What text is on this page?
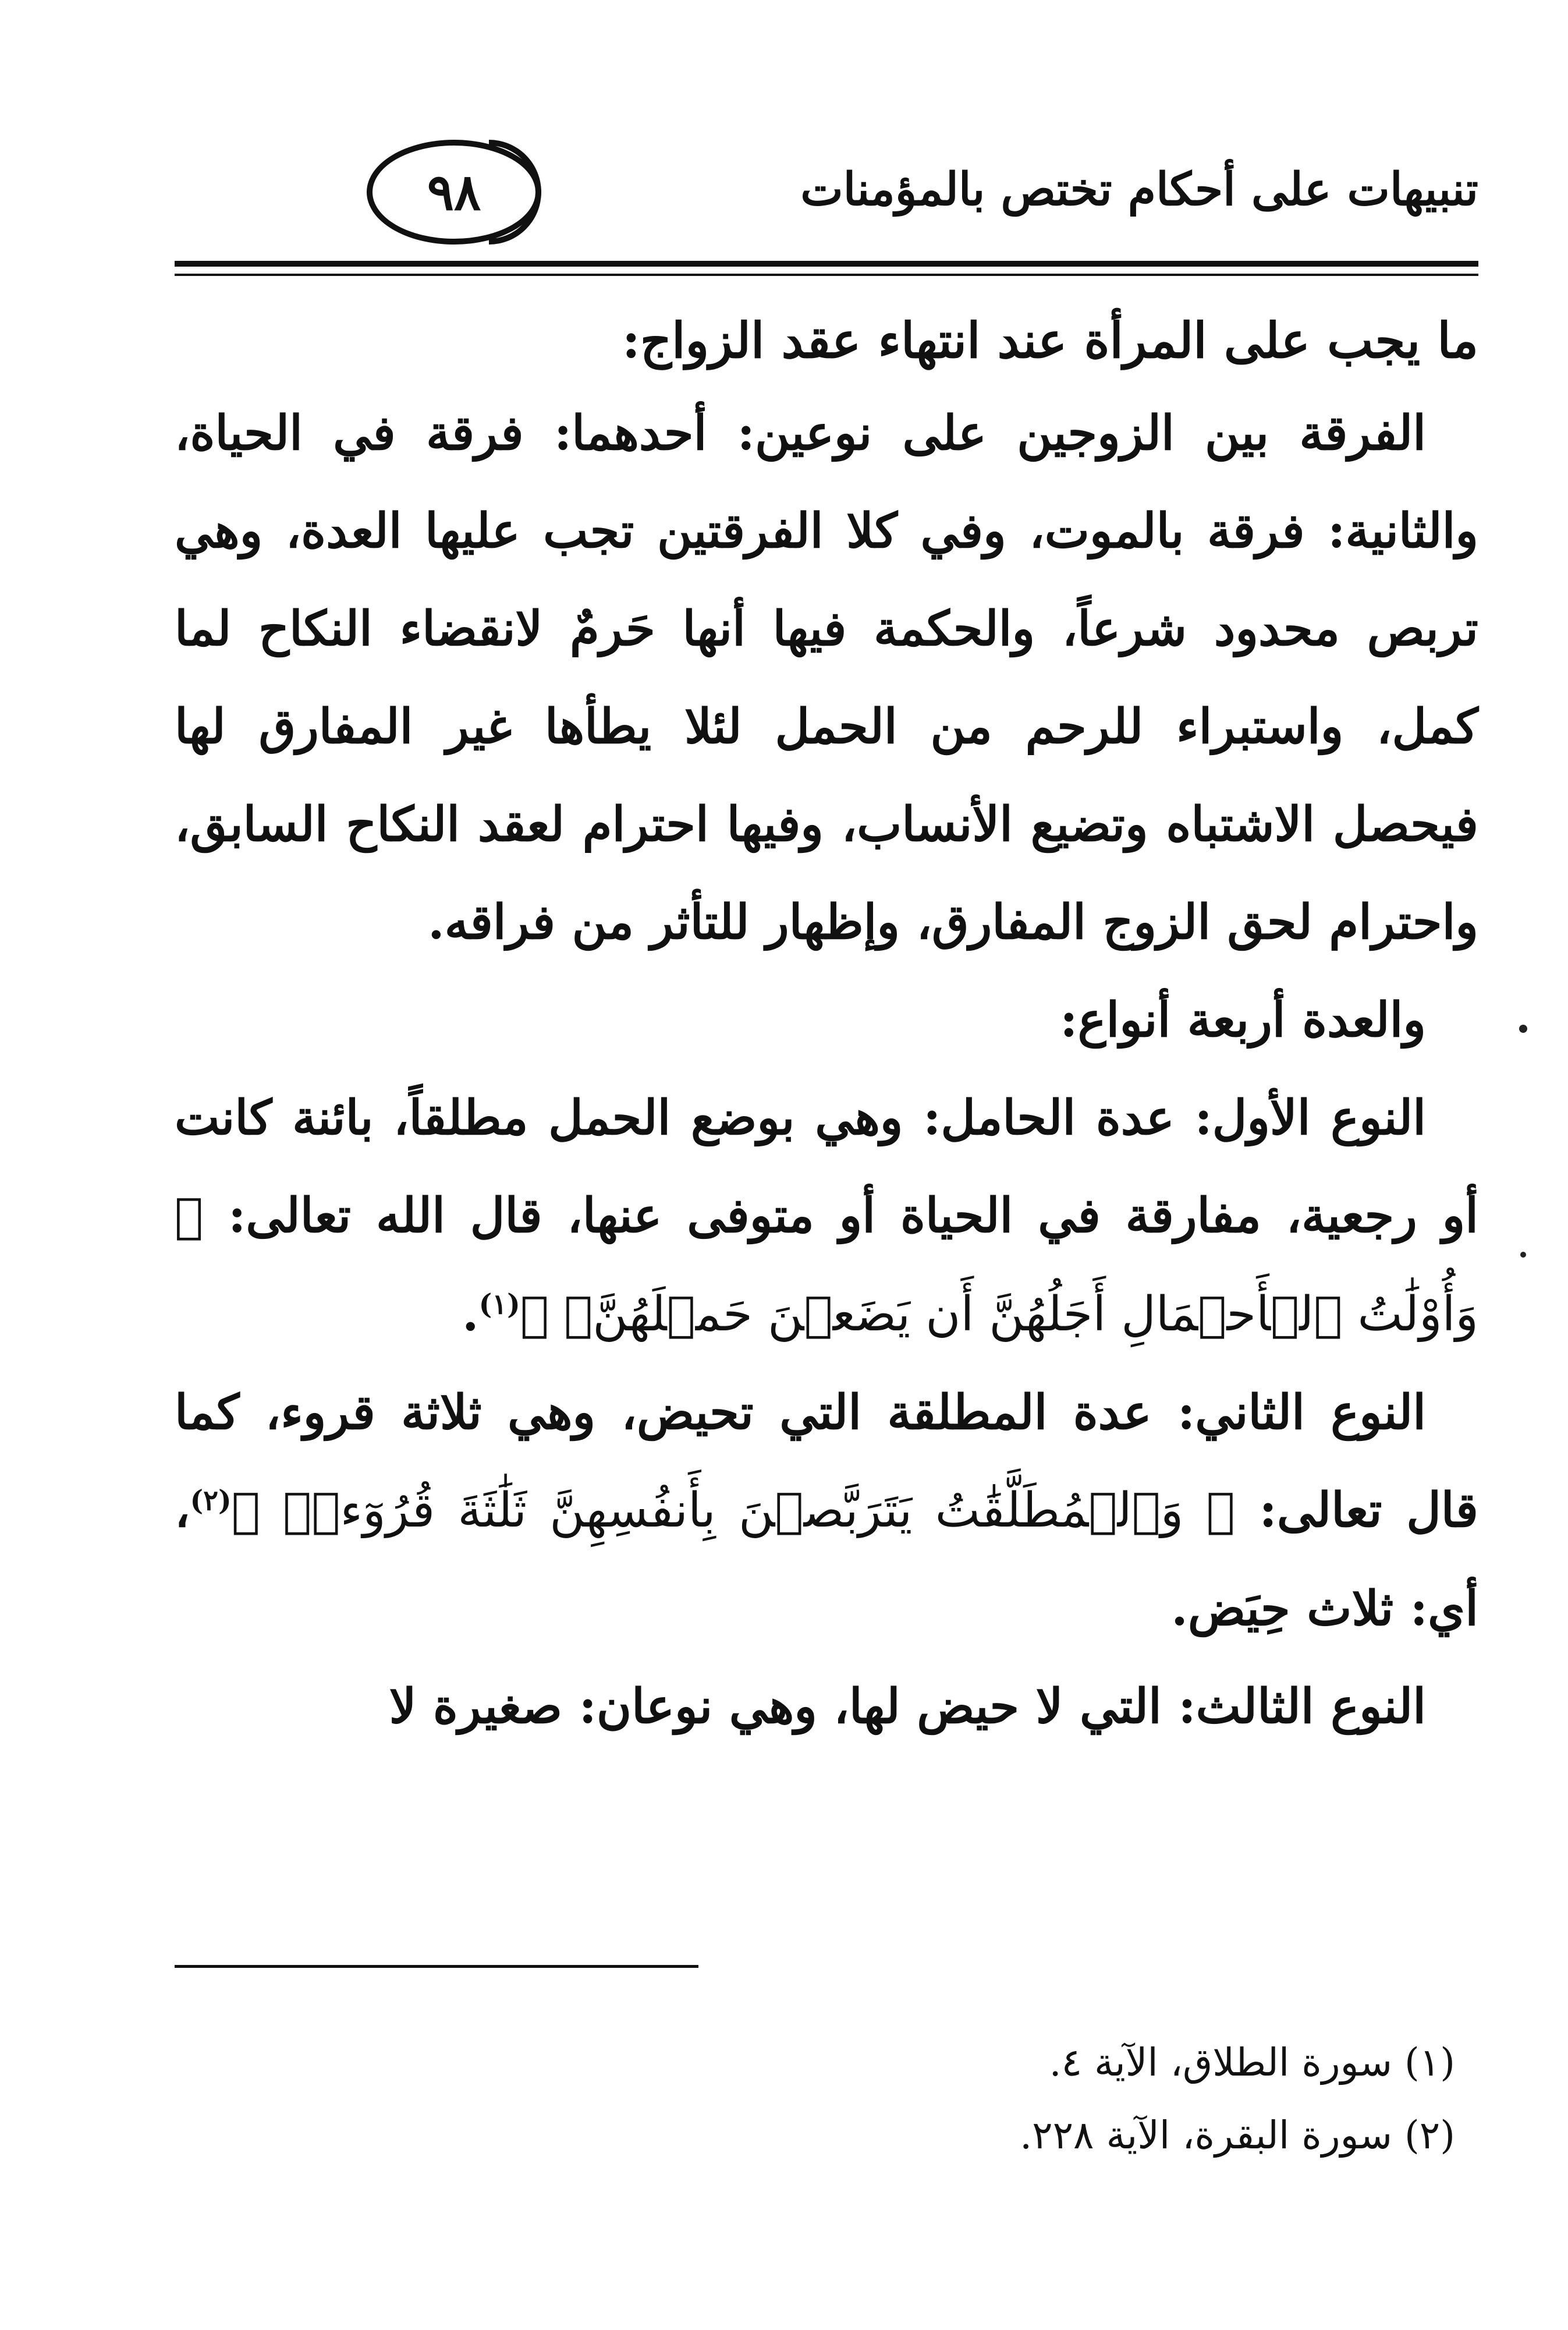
تنبيهات على أحكام تختص بالمؤمنات
٩٨

ما يجب على المرأة عند انتهاء عقد الزواج:

الفرقة بين الزوجين على نوعين: أحدهما: فرقة في الحياة، والثانية: فرقة بالموت، وفي كلا الفرقتين تجب عليها العدة، وهي تربص محدود شرعاً، والحكمة فيها أنها حَرمٌ لانقضاء النكاح لما كمل، واستبراء للرحم من الحمل لئلا يطأها غير المفارق لها فيحصل الاشتباه وتضيع الأنساب، وفيها احترام لعقد النكاح السابق، واحترام لحق الزوج المفارق، وإظهار للتأثر من فراقه.

والعدة أربعة أنواع:

النوع الأول: عدة الحامل: وهي بوضع الحمل مطلقاً، بائنة كانت أو رجعية، مفارقة في الحياة أو متوفى عنها، قال الله تعالى: ﴿ وَأُوْلَٰتُ ٱلۡأَحۡمَالِ أَجَلُهُنَّ أَن يَضَعۡنَ حَمۡلَهُنَّۚ ﴾$^{(١)}$.

النوع الثاني: عدة المطلقة التي تحيض، وهي ثلاثة قروء، كما قال تعالى: ﴿ وَٱلۡمُطَلَّقَٰتُ يَتَرَبَّصۡنَ بِأَنفُسِهِنَّ ثَلَٰثَةَ قُرُوٓءٖۚ ﴾$^{(٢)}$، أي: ثلاث حِيَض.

النوع الثالث: التي لا حيض لها، وهي نوعان: صغيرة لا

(١) سورة الطلاق، الآية ٤.

(٢) سورة البقرة، الآية ٢٢٨.
